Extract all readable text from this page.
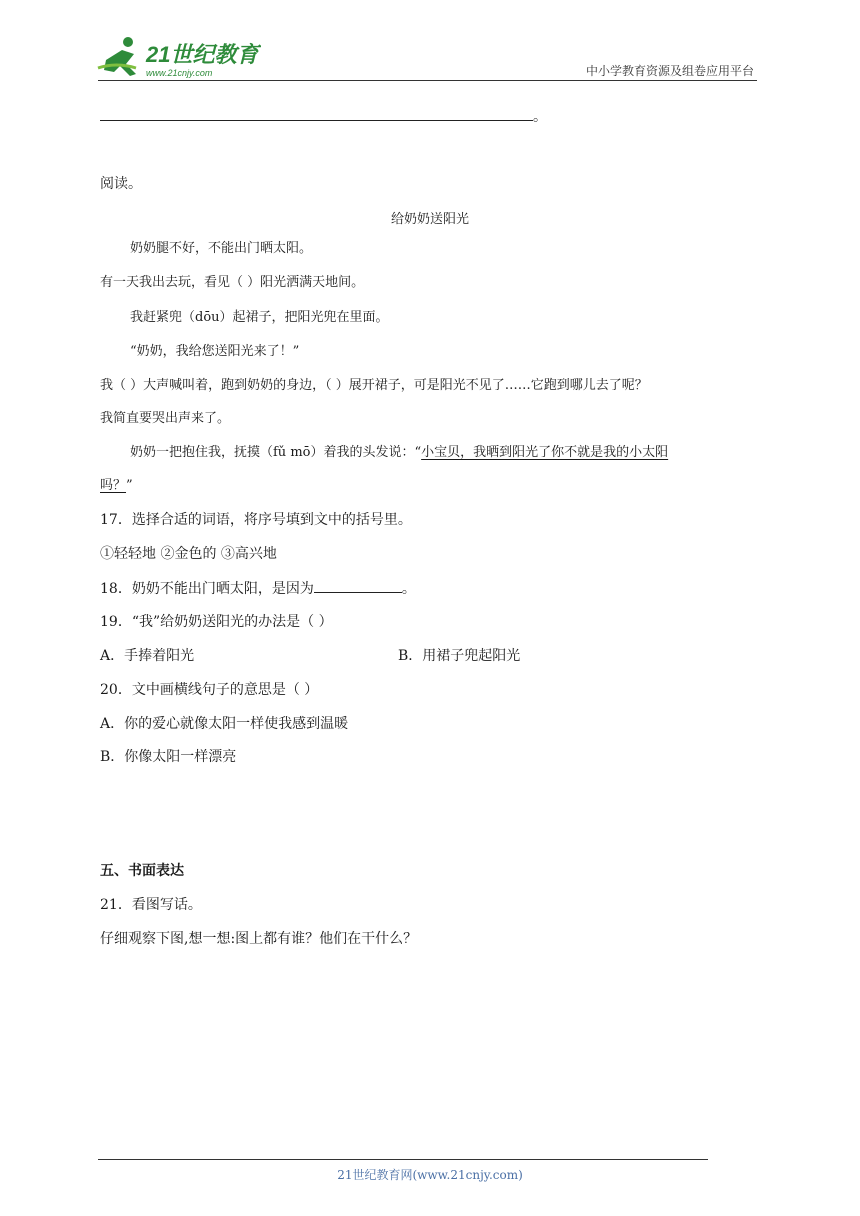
21世纪教育
www.21cnjy.com	中小学教育资源及组卷应用平台
。
阅读。
给奶奶送阳光
奶奶腿不好，不能出门晒太阳。
有一天我出去玩，看见（ ）阳光洒满天地间。
我赶紧兜（dōu）起裙子，把阳光兜在里面。
“奶奶，我给您送阳光来了！”
我（ ）大声喊叫着，跑到奶奶的身边，（ ）展开裙子，可是阳光不见了……它跑到哪儿去了呢？
我简直要哭出声来了。
奶奶一把抱住我，抚摸（fǔ mō）着我的头发说：“小宝贝，我晒到阳光了你不就是我的小太阳
吗？”
17．选择合适的词语，将序号填到文中的括号里。
①轻轻地 ②金色的 ③高兴地
18．奶奶不能出门晒太阳，是因为	。
19．“我”给奶奶送阳光的办法是（ ）
A．手捧着阳光	B．用裙子兜起阳光
20．文中画横线句子的意思是（ ）
A．你的爱心就像太阳一样使我感到温暖
B．你像太阳一样漂亮
五、书面表达
21．看图写话。
仔细观察下图,想一想:图上都有谁？他们在干什么？
21世纪教育网(www.21cnjy.com)
